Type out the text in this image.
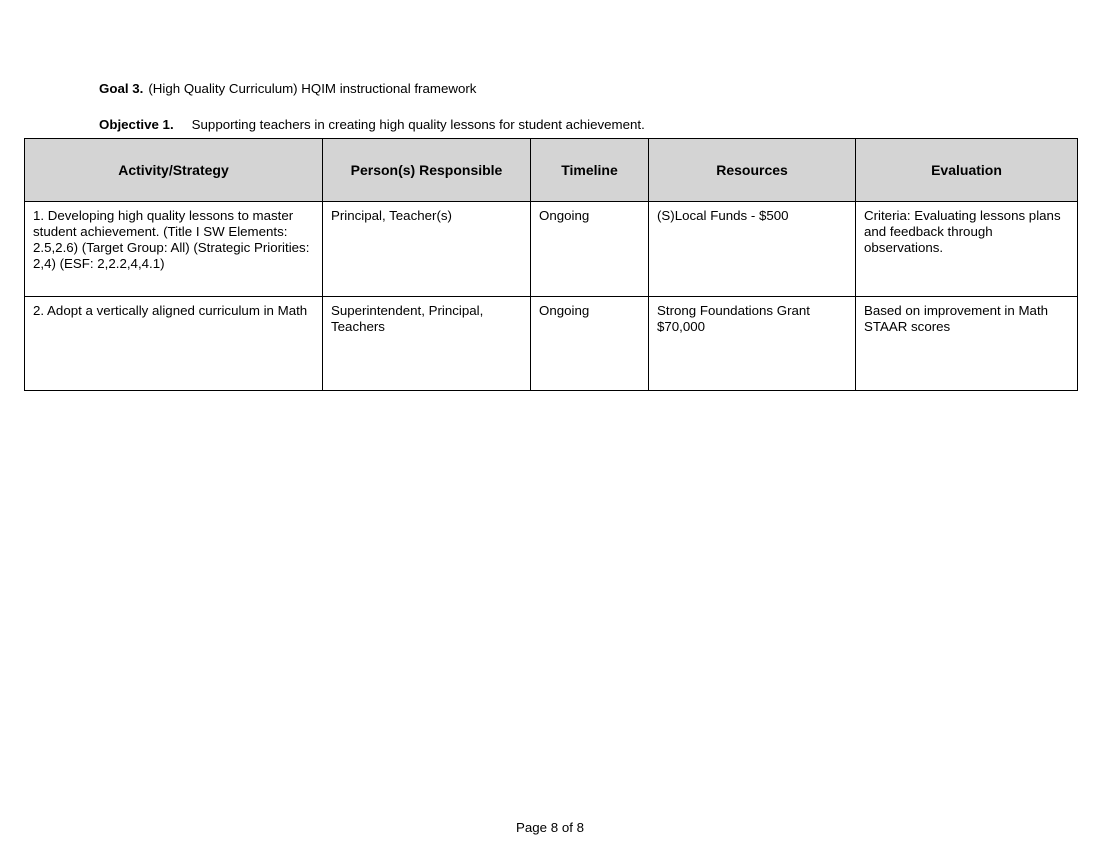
Goal 3. (High Quality Curriculum) HQIM instructional framework
Objective 1. Supporting teachers in creating high quality lessons for student achievement.
Activity/Strategy	Person(s) Responsible	Timeline	Resources	Evaluation

1. Developing high quality lessons to master student achievement. (Title I SW Elements: 2.5,2.6) (Target Group: All) (Strategic Priorities: 2,4) (ESF: 2,2.2,4,4.1)	Principal, Teacher(s)	Ongoing	(S)Local Funds - $500	Criteria: Evaluating lessons plans
and feedback through observations.

2. Adopt a vertically aligned curriculum in Math	Superintendent, Principal, Teachers	Ongoing	Strong Foundations Grant $70,000	Based on improvement in Math STAAR scores
Page 8 of 8
